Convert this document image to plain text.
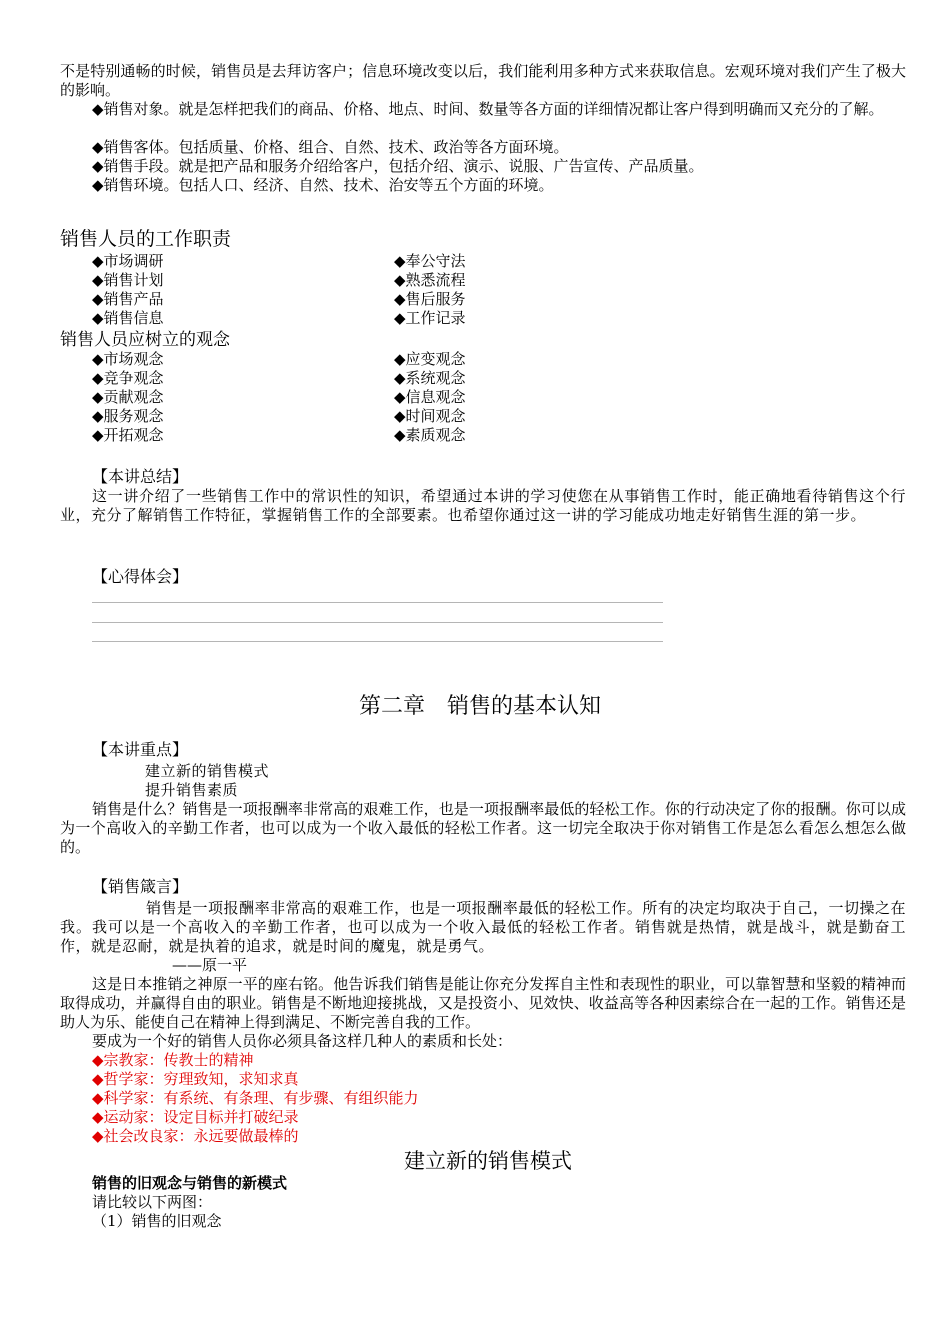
不是特别通畅的时候，销售员是去拜访客户；信息环境改变以后，我们能利用多种方式来获取信息。宏观环境对我们产生了极大的影响。
◆销售对象。就是怎样把我们的商品、价格、地点、时间、数量等各方面的详细情况都让客户得到明确而又充分的了解。
◆销售客体。包括质量、价格、组合、自然、技术、政治等各方面环境。
◆销售手段。就是把产品和服务介绍给客户，包括介绍、演示、说服、广告宣传、产品质量。
◆销售环境。包括人口、经济、自然、技术、治安等五个方面的环境。
销售人员的工作职责
◆市场调研
◆销售计划
◆销售产品
◆销售信息
◆奉公守法
◆熟悉流程
◆售后服务
◆工作记录
销售人员应树立的观念
◆市场观念
◆竞争观念
◆贡献观念
◆服务观念
◆开拓观念
◆应变观念
◆系统观念
◆信息观念
◆时间观念
◆素质观念
【本讲总结】
这一讲介绍了一些销售工作中的常识性的知识，希望通过本讲的学习使您在从事销售工作时，能正确地看待销售这个行业，充分了解销售工作特征，掌握销售工作的全部要素。也希望你通过这一讲的学习能成功地走好销售生涯的第一步。
【心得体会】
第二章　销售的基本认知
【本讲重点】
建立新的销售模式
提升销售素质
销售是什么？销售是一项报酬率非常高的艰难工作，也是一项报酬率最低的轻松工作。你的行动决定了你的报酬。你可以成为一个高收入的辛勤工作者，也可以成为一个收入最低的轻松工作者。这一切完全取决于你对销售工作是怎么看怎么想怎么做的。
【销售箴言】
销售是一项报酬率非常高的艰难工作，也是一项报酬率最低的轻松工作。所有的决定均取决于自己，一切操之在我。我可以是一个高收入的辛勤工作者，也可以成为一个收入最低的轻松工作者。销售就是热情，就是战斗，就是勤奋工作，就是忍耐，就是执着的追求，就是时间的魔鬼，就是勇气。
——原一平
这是日本推销之神原一平的座右铭。他告诉我们销售是能让你充分发挥自主性和表现性的职业，可以靠智慧和坚毅的精神而取得成功，并赢得自由的职业。销售是不断地迎接挑战，又是投资小、见效快、收益高等各种因素综合在一起的工作。销售还是助人为乐、能使自己在精神上得到满足、不断完善自我的工作。
要成为一个好的销售人员你必须具备这样几种人的素质和长处：
◆宗教家：传教士的精神
◆哲学家：穷理致知，求知求真
◆科学家：有系统、有条理、有步骤、有组织能力
◆运动家：设定目标并打破纪录
◆社会改良家：永远要做最棒的
建立新的销售模式
销售的旧观念与销售的新模式
请比较以下两图：
（1）销售的旧观念
